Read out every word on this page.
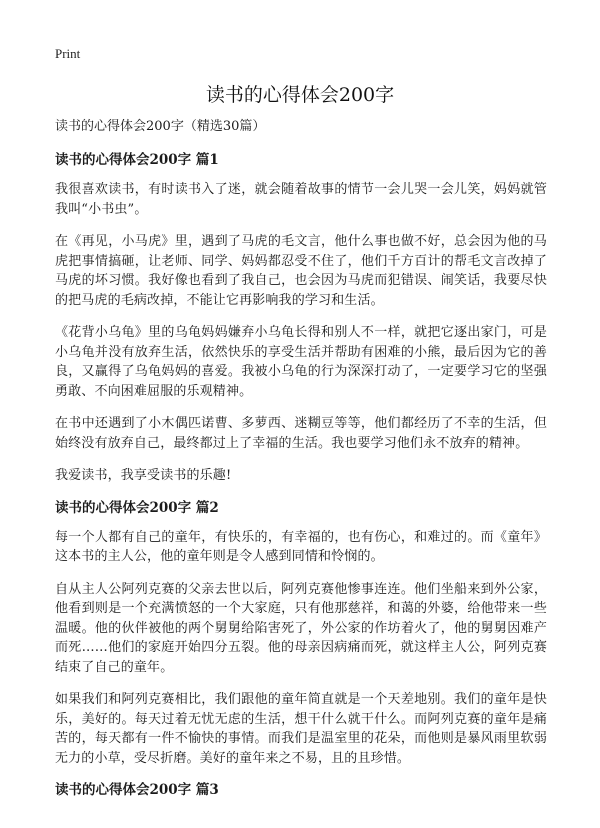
Print
读书的心得体会200字

读书的心得体会200字（精选30篇）

读书的心得体会200字 篇1

我很喜欢读书，有时读书入了迷，就会随着故事的情节一会儿哭一会儿笑，妈妈就管我叫“小书虫”。

在《再见，小马虎》里，遇到了马虎的毛文言，他什么事也做不好，总会因为他的马虎把事情搞砸，让老师、同学、妈妈都忍受不住了，他们千方百计的帮毛文言改掉了马虎的坏习惯。我好像也看到了我自己，也会因为马虎而犯错误、闹笑话，我要尽快的把马虎的毛病改掉，不能让它再影响我的学习和生活。

《花背小乌龟》里的乌龟妈妈嫌弃小乌龟长得和别人不一样，就把它逐出家门，可是小乌龟并没有放弃生活，依然快乐的享受生活并帮助有困难的小熊，最后因为它的善良，又赢得了乌龟妈妈的喜爱。我被小乌龟的行为深深打动了，一定要学习它的坚强勇敢、不向困难屈服的乐观精神。

在书中还遇到了小木偶匹诺曹、多萝西、迷糊豆等等，他们都经历了不幸的生活，但始终没有放弃自己，最终都过上了幸福的生活。我也要学习他们永不放弃的精神。

我爱读书，我享受读书的乐趣!

读书的心得体会200字 篇2

每一个人都有自己的童年，有快乐的，有幸福的，也有伤心，和难过的。而《童年》这本书的主人公，他的童年则是令人感到同情和怜悯的。

自从主人公阿列克赛的父亲去世以后，阿列克赛他惨事连连。他们坐船来到外公家，他看到则是一个充满愤怒的一个大家庭，只有他那慈祥，和蔼的外婆，给他带来一些温暖。他的伙伴被他的两个舅舅给陷害死了，外公家的作坊着火了，他的舅舅因难产而死……他们的家庭开始四分五裂。他的母亲因病痛而死，就这样主人公，阿列克赛结束了自己的童年。

如果我们和阿列克赛相比，我们跟他的童年简直就是一个天差地别。我们的童年是快乐，美好的。每天过着无忧无虑的生活，想干什么就干什么。而阿列克赛的童年是痛苦的，每天都有一件不愉快的事情。而我们是温室里的花朵，而他则是暴风雨里软弱无力的小草，受尽折磨。美好的童年来之不易，且的且珍惜。

读书的心得体会200字 篇3
